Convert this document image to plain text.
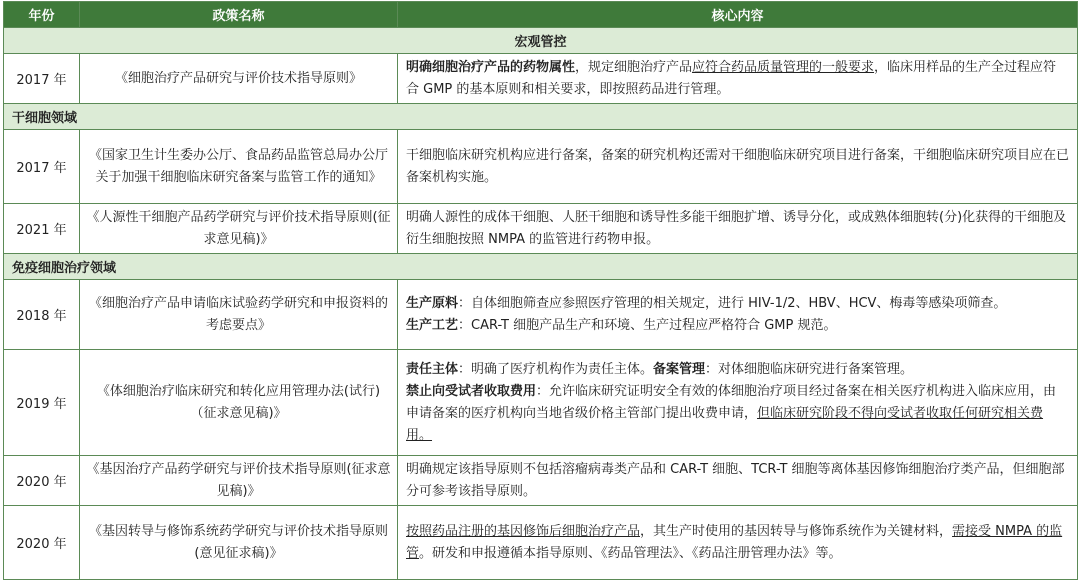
年份	政策名称	核心内容
宏观管控		
2017 年	《细胞治疗产品研究与评价技术指导原则》	明确细胞治疗产品的药物属性，规定细胞治疗产品应符合药品质量管理的一般要求，临床用样品的生产全过程应符合 GMP 的基本原则和相关要求，即按照药品进行管理。
干细胞领域		
2017 年	《国家卫生计生委办公厅、食品药品监管总局办公厅关于加强干细胞临床研究备案与监管工作的通知》	干细胞临床研究机构应进行备案，备案的研究机构还需对干细胞临床研究项目进行备案，干细胞临床研究项目应在已备案机构实施。
2021 年	《人源性干细胞产品药学研究与评价技术指导原则(征求意见稿)》	明确人源性的成体干细胞、人胚干细胞和诱导性多能干细胞扩增、诱导分化，或成熟体细胞转(分)化获得的干细胞及衍生细胞按照 NMPA 的监管进行药物申报。
免疫细胞治疗领域		
2018 年	《细胞治疗产品申请临床试验药学研究和申报资料的考虑要点》	生产原料：自体细胞筛查应参照医疗管理的相关规定，进行 HIV-1/2、HBV、HCV、梅毒等感染项筛查。
生产工艺：CAR-T 细胞产品生产和环境、生产过程应严格符合 GMP 规范。
2019 年	《体细胞治疗临床研究和转化应用管理办法(试行)（征求意见稿)》	责任主体：明确了医疗机构作为责任主体。备案管理：对体细胞临床研究进行备案管理。
禁止向受试者收取费用：允许临床研究证明安全有效的体细胞治疗项目经过备案在相关医疗机构进入临床应用，由申请备案的医疗机构向当地省级价格主管部门提出收费申请，但临床研究阶段不得向受试者收取任何研究相关费用。
2020 年	《基因治疗产品药学研究与评价技术指导原则(征求意见稿)》	明确规定该指导原则不包括溶瘤病毒类产品和 CAR-T 细胞、TCR-T 细胞等离体基因修饰细胞治疗类产品，但细胞部分可参考该指导原则。
2020 年	《基因转导与修饰系统药学研究与评价技术指导原则(意见征求稿)》	按照药品注册的基因修饰后细胞治疗产品，其生产时使用的基因转导与修饰系统作为关键材料，需接受 NMPA 的监管。研发和申报遵循本指导原则、《药品管理法》、《药品注册管理办法》等。
